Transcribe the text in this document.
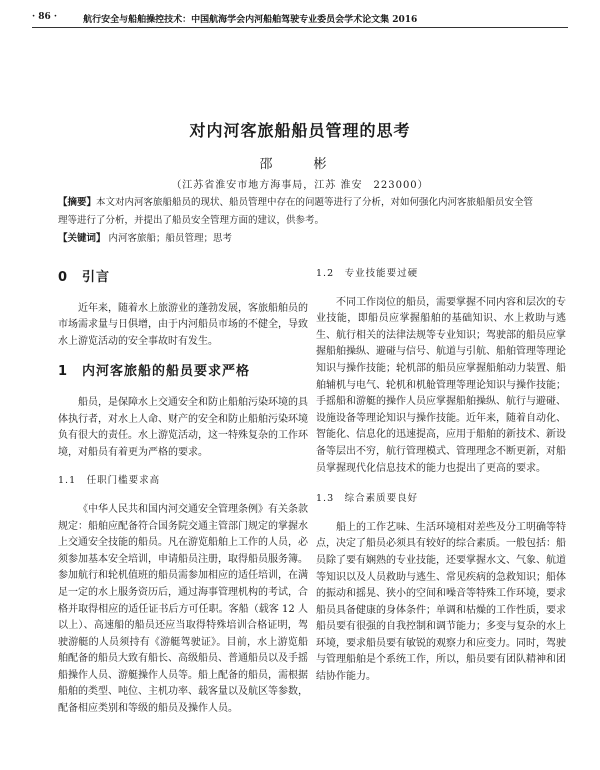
· 86 ·	航行安全与船舶操控技术：中国航海学会内河船舶驾驶专业委员会学术论文集 2016
对内河客旅船船员管理的思考
邵　彬
（江苏省淮安市地方海事局，江苏 淮安　223000）
【摘要】本文对内河客旅船船员的现状、船员管理中存在的问题等进行了分析，对如何强化内河客旅船船员安全管理等进行了分析，并提出了船员安全管理方面的建议，供参考。
【关键词】 内河客旅船；船员管理；思考
0　引言

近年来，随着水上旅游业的蓬勃发展，客旅船舶员的市场需求量与日俱增，由于内河船员市场的不健全，导致水上游览活动的安全事故时有发生。

1　内河客旅船的船员要求严格

船员，是保障水上交通安全和防止船舶污染环境的具体执行者，对水上人命、财产的安全和防止船舶污染环境负有很大的责任。水上游览活动，这一特殊复杂的工作环境，对船员有着更为严格的要求。

1.1　任职门槛要求高

《中华人民共和国内河交通安全管理条例》有关条款规定：船舶应配备符合国务院交通主管部门规定的掌握水上交通安全技能的船员。凡在游览船舶上工作的人员，必须参加基本安全培训，申请船员注册，取得船员服务簿。参加航行和轮机值班的船员需参加相应的适任培训，在满足一定的水上服务资历后，通过海事管理机构的考试，合格并取得相应的适任证书后方可任职。客船（载客 12 人以上）、高速船的船员还应当取得特殊培训合格证明，驾驶游艇的人员须持有《游艇驾驶证》。目前，水上游览船舶配备的船员大致有船长、高级船员、普通船员以及手摇船操作人员、游艇操作人员等。船上配备的船员，需根据船舶的类型、吨位、主机功率、载客量以及航区等参数，配备相应类别和等级的船员及操作人员。

1.2　专业技能要过硬

不同工作岗位的船员，需要掌握不同内容和层次的专业技能，即船员应掌握船舶的基础知识、水上救助与逃生、航行相关的法律法规等专业知识；驾驶部的船员应掌握船舶操纵、避碰与信号、航道与引航、船舶管理等理论知识与操作技能；轮机部的船员应掌握船舶动力装置、船舶辅机与电气、轮机和机舱管理等理论知识与操作技能；手摇船和游艇的操作人员应掌握船舶操纵、航行与避碰、设施设备等理论知识与操作技能。近年来，随着自动化、智能化、信息化的迅速提高，应用于船舶的新技术、新设备等层出不穷，航行管理模式、管理理念不断更新，对船员掌握现代化信息技术的能力也提出了更高的要求。

1.3　综合素质要良好

船上的工作艺味、生活环境相对差些及分工明确等特点，决定了船员必须具有较好的综合素质。一般包括：船员除了要有娴熟的专业技能，还要掌握水文、气象、航道等知识以及人员救助与逃生、常见疾病的急救知识；船体的振动和摇晃、狭小的空间和噪音等特殊工作环境，要求船员具备健康的身体条件；单调和枯燥的工作性质，要求船员要有很强的自我控制和调节能力；多变与复杂的水上环境，要求船员要有敏锐的观察力和应变力。同时，驾驶与管理船舶是个系统工作，所以，船员要有团队精神和团结协作能力。
